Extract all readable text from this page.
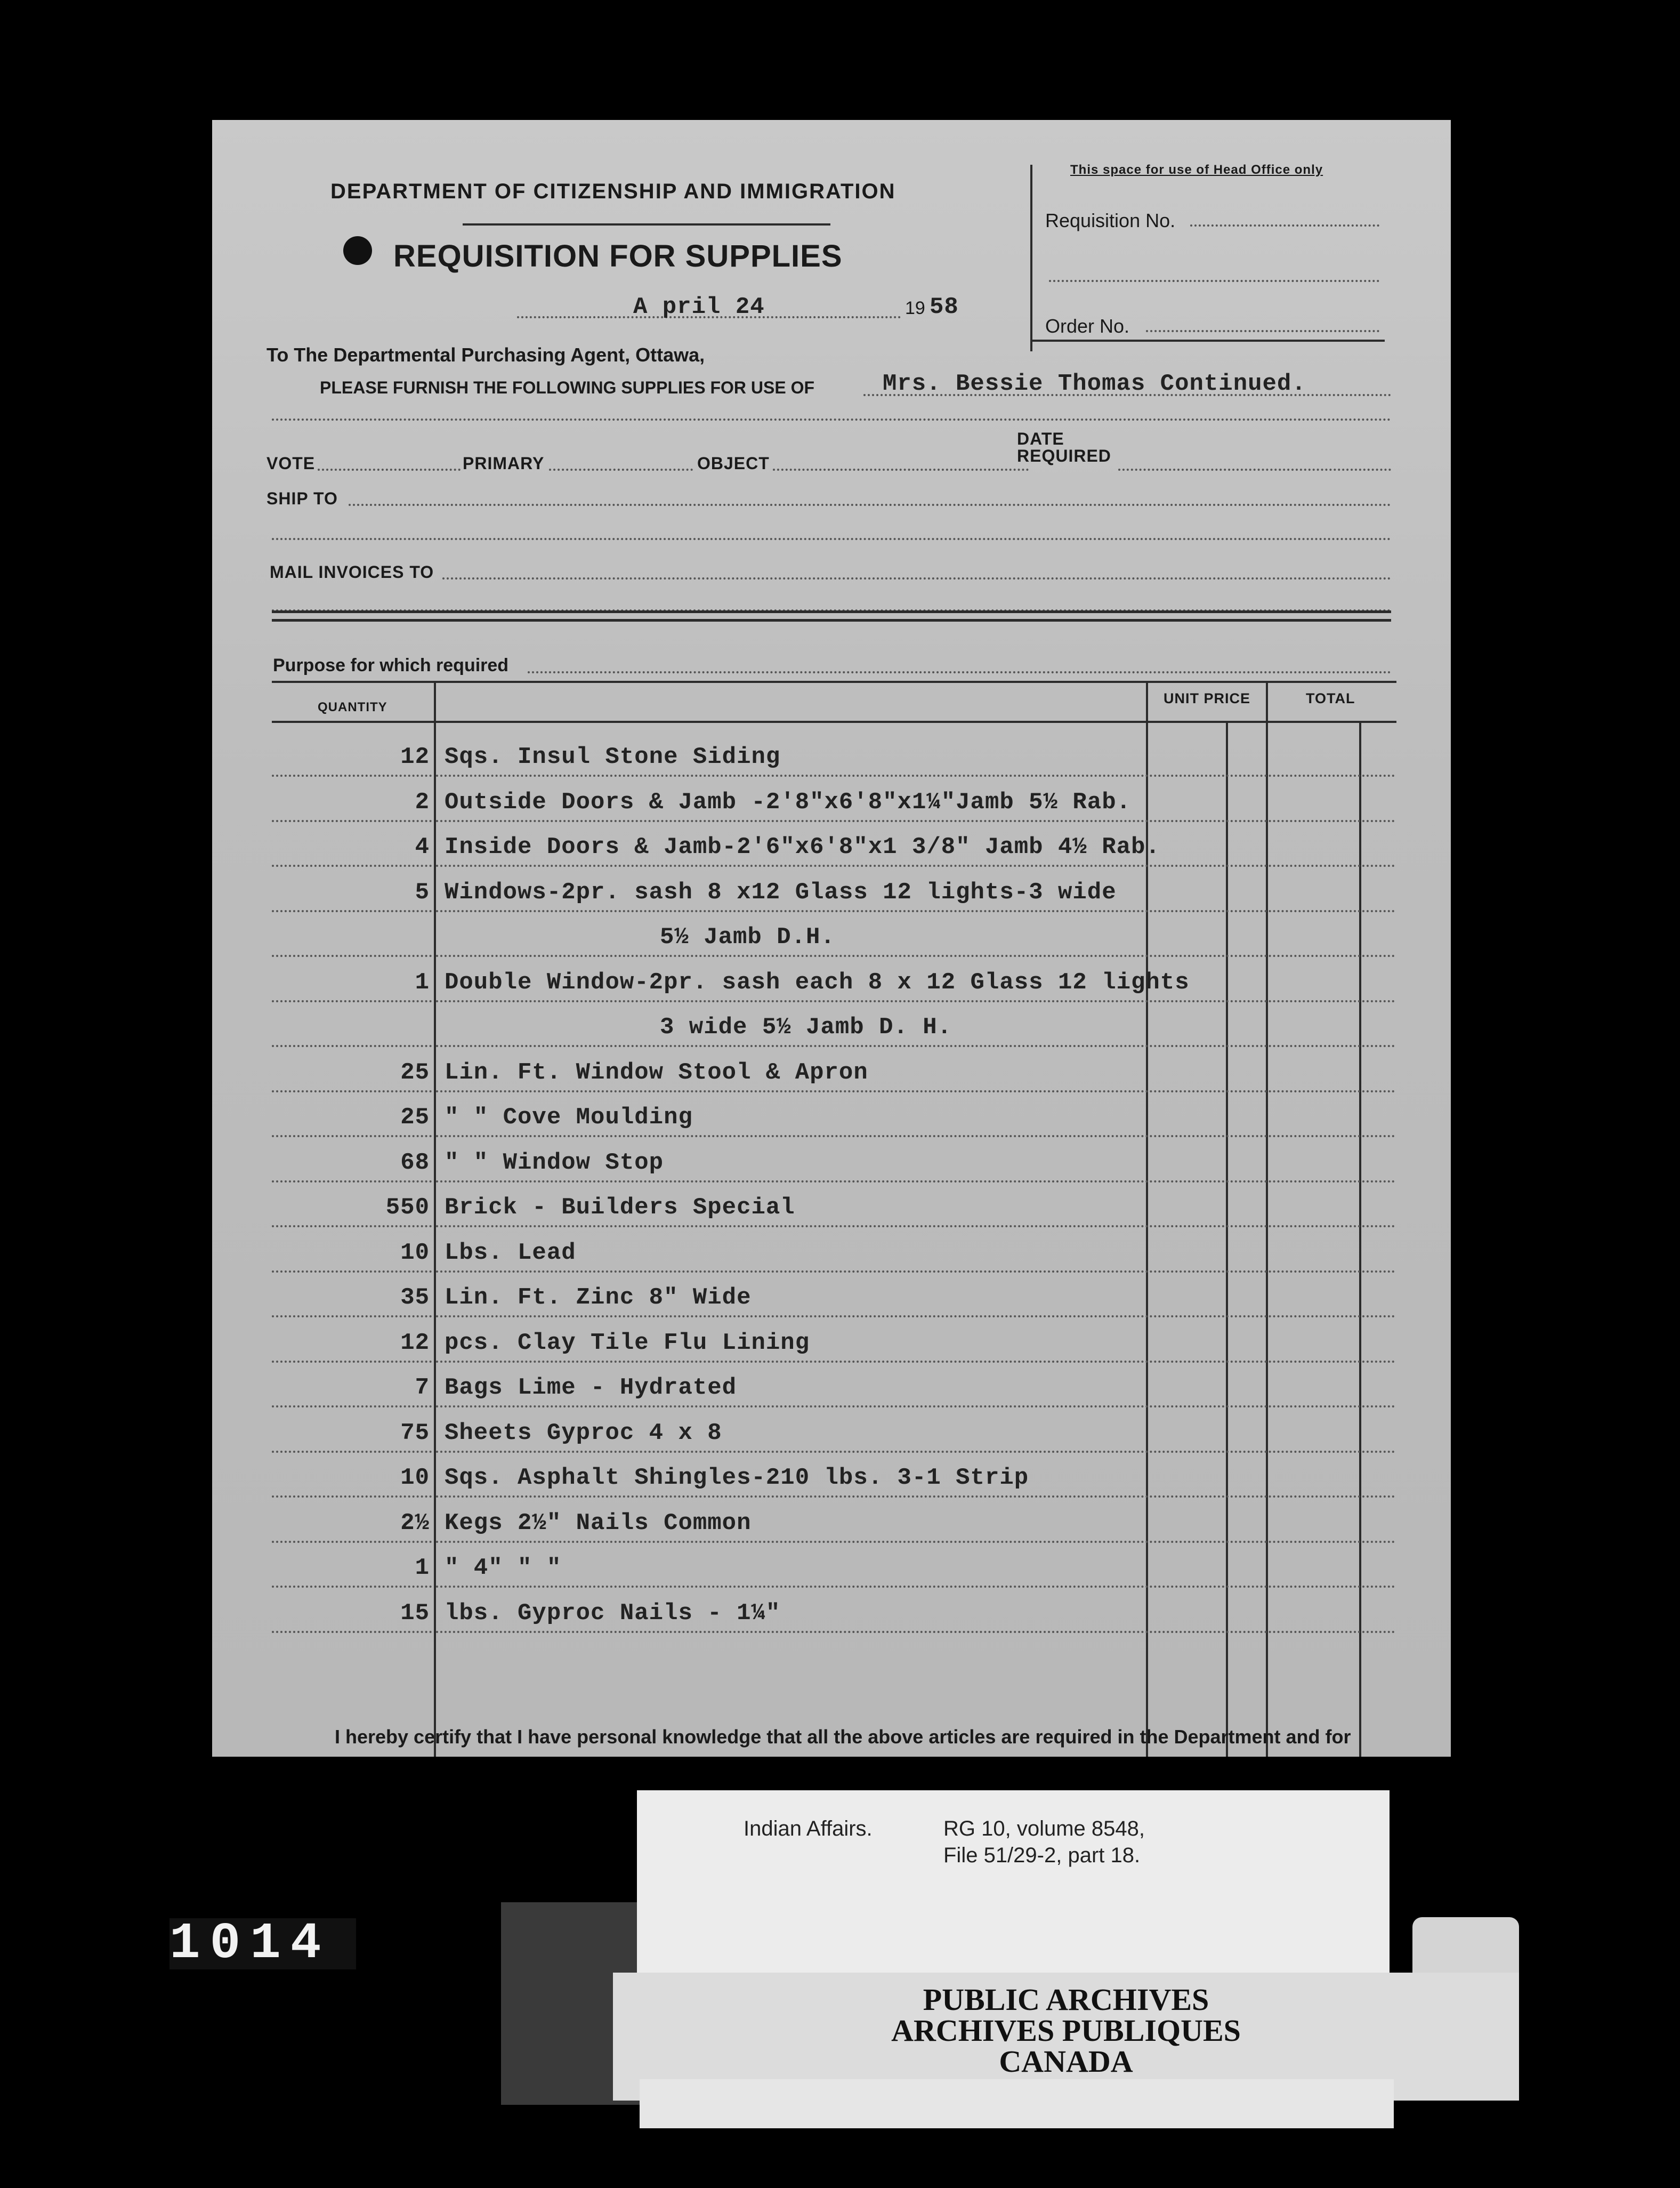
DEPARTMENT OF CITIZENSHIP AND IMMIGRATION
REQUISITION FOR SUPPLIES
This space for use of Head Office only
Requisition No.
Order No.
A pril 24	19 58
To The Departmental Purchasing Agent, Ottawa,
PLEASE FURNISH THE FOLLOWING SUPPLIES FOR USE OF	Mrs. Bessie Thomas Continued.
VOTE	PRIMARY	OBJECT
DATE
REQUIRED
SHIP TO
MAIL INVOICES TO
Purpose for which required
QUANTITY
UNIT PRICE	TOTAL
12 Sqs. Insul Stone Siding
2 Outside Doors & Jamb -2'8"x6'8"x1¼"Jamb 5½ Rab.
4 Inside Doors & Jamb-2'6"x6'8"x1 3/8" Jamb 4½ Rab.
5 Windows-2pr. sash 8 x12 Glass 12 lights-3 wide
5½ Jamb D.H.
1 Double Window-2pr. sash each 8 x 12 Glass 12 lights
3 wide 5½ Jamb D. H.
25 Lin. Ft. Window Stool & Apron
25 " " Cove Moulding
68 " " Window Stop
550 Brick - Builders Special
10 Lbs. Lead
35 Lin. Ft. Zinc 8" Wide
12 pcs. Clay Tile Flu Lining
7 Bags Lime - Hydrated
75 Sheets Gyproc 4 x 8
10 Sqs. Asphalt Shingles-210 lbs. 3-1 Strip
2½ Kegs 2½" Nails Common
1 " 4" " "
15 lbs. Gyproc Nails - 1¼"
I hereby certify that I have personal knowledge that all the above articles are required in the Department and for
Indian Affairs.	RG 10, volume 8548,
File 51/29-2, part 18.
PUBLIC ARCHIVES
ARCHIVES PUBLIQUES
CANADA
1014
